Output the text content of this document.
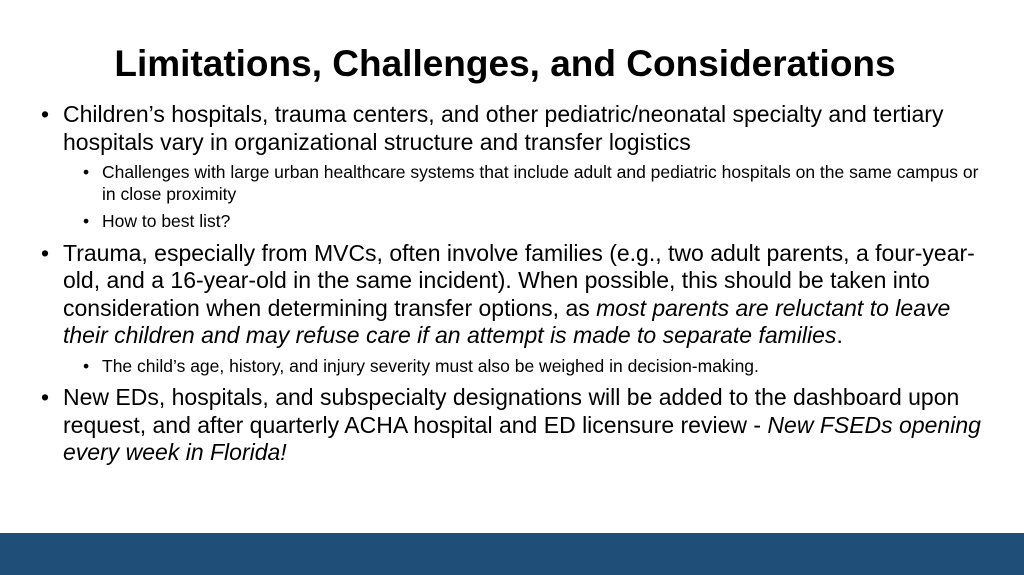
Limitations, Challenges, and Considerations
• Children’s hospitals, trauma centers, and other pediatric/neonatal specialty and tertiary hospitals vary in organizational structure and transfer logistics
• Challenges with large urban healthcare systems that include adult and pediatric hospitals on the same campus or in close proximity
• How to best list?
• Trauma, especially from MVCs, often involve families (e.g., two adult parents, a four-year-old, and a 16-year-old in the same incident). When possible, this should be taken into consideration when determining transfer options, as most parents are reluctant to leave their children and may refuse care if an attempt is made to separate families.
• The child’s age, history, and injury severity must also be weighed in decision-making.
• New EDs, hospitals, and subspecialty designations will be added to the dashboard upon request, and after quarterly ACHA hospital and ED licensure review - New FSEDs opening every week in Florida!
